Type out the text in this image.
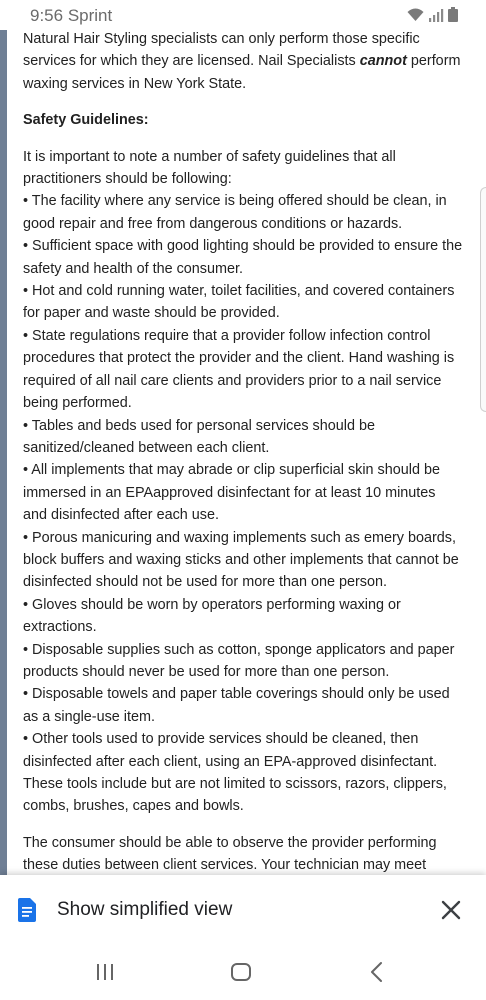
9:56 Sprint

Natural Hair Styling specialists can only perform those specific services for which they are licensed. Nail Specialists cannot perform waxing services in New York State.

Safety Guidelines:

It is important to note a number of safety guidelines that all practitioners should be following:

• The facility where any service is being offered should be clean, in good repair and free from dangerous conditions or hazards.

• Sufficient space with good lighting should be provided to ensure the safety and health of the consumer.

• Hot and cold running water, toilet facilities, and covered containers for paper and waste should be provided.

• State regulations require that a provider follow infection control procedures that protect the provider and the client. Hand washing is required of all nail care clients and providers prior to a nail service being performed.

• Tables and beds used for personal services should be sanitized/cleaned between each client.

• All implements that may abrade or clip superficial skin should be immersed in an EPAapproved disinfectant for at least 10 minutes and disinfected after each use.

• Porous manicuring and waxing implements such as emery boards, block buffers and waxing sticks and other implements that cannot be disinfected should not be used for more than one person.

• Gloves should be worn by operators performing waxing or extractions.

• Disposable supplies such as cotton, sponge applicators and paper products should never be used for more than one person.

• Disposable towels and paper table coverings should only be used as a single-use item.

• Other tools used to provide services should be cleaned, then disinfected after each client, using an EPA-approved disinfectant. These tools include but are not limited to scissors, razors, clippers, combs, brushes, capes and bowls.

The consumer should be able to observe the provider performing these duties between client services. Your technician may meet

Show simplified view
